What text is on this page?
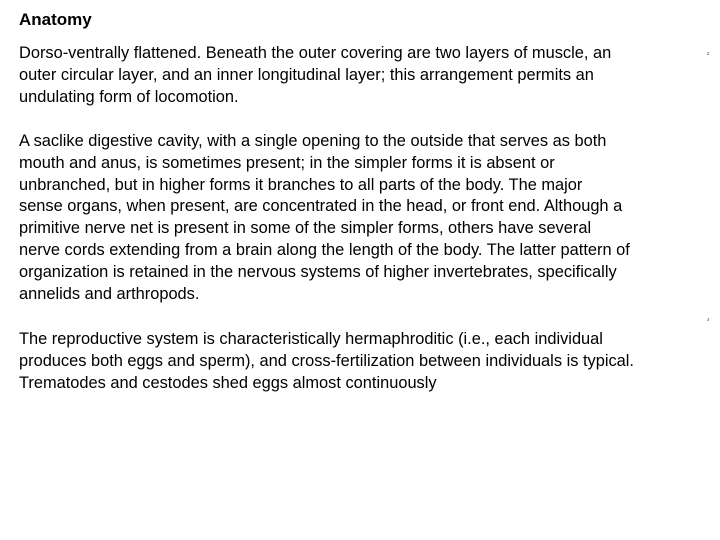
Anatomy

Dorso-ventrally flattened. Beneath the outer covering are two layers of muscle, an
outer circular layer, and an inner longitudinal layer; this arrangement permits an
undulating form of locomotion.

²

A saclike digestive cavity, with a single opening to the outside that serves as both
mouth and anus, is sometimes present; in the simpler forms it is absent or
unbranched, but in higher forms it branches to all parts of the body. The major
sense organs, when present, are concentrated in the head, or front end. Although a
primitive nerve net is present in some of the simpler forms, others have several
nerve cords extending from a brain along the length of the body. The latter pattern of
organization is retained in the nervous systems of higher invertebrates, specifically
annelids and arthropods.

³

The reproductive system is characteristically hermaphroditic (i.e., each individual
produces both eggs and sperm), and cross-fertilization between individuals is typical.
Trematodes and cestodes shed eggs almost continuously
